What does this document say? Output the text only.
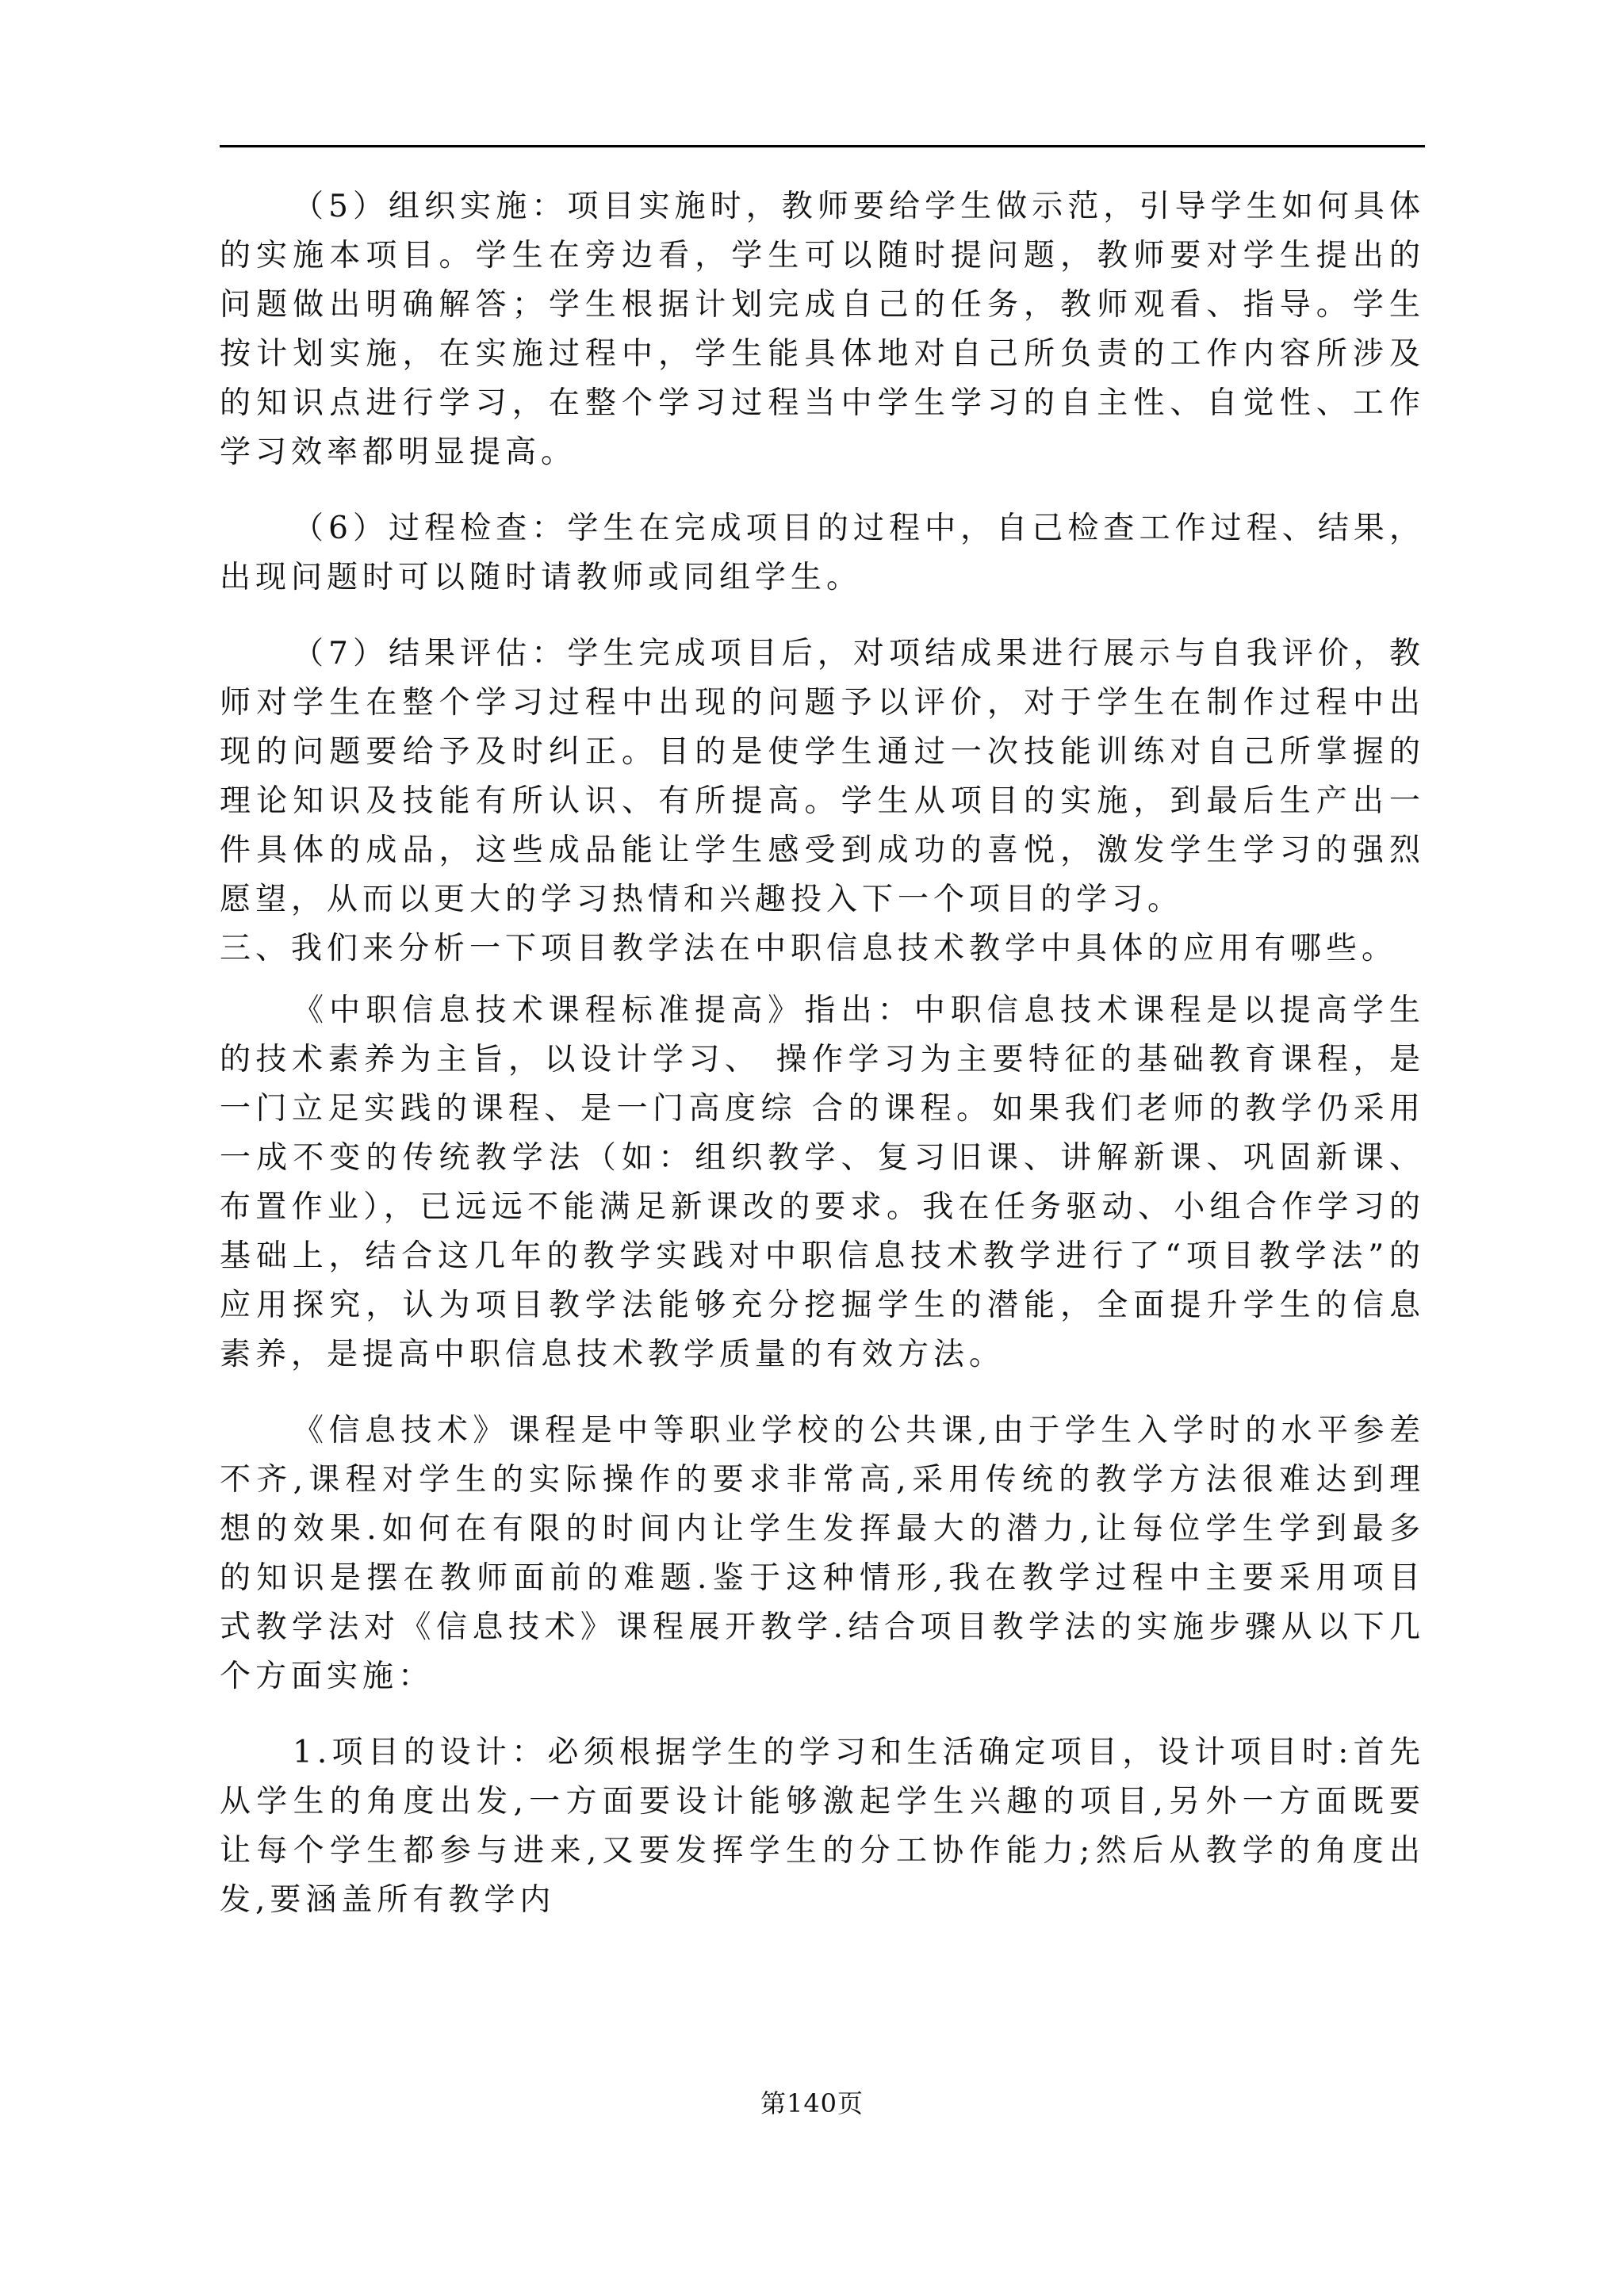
（5）组织实施：项目实施时，教师要给学生做示范，引导学生如何具体的实施本项目。学生在旁边看，学生可以随时提问题，教师要对学生提出的问题做出明确解答；学生根据计划完成自己的任务，教师观看、指导。学生按计划实施，在实施过程中，学生能具体地对自己所负责的工作内容所涉及的知识点进行学习，在整个学习过程当中学生学习的自主性、自觉性、工作学习效率都明显提高。

（6）过程检查：学生在完成项目的过程中，自己检查工作过程、结果，出现问题时可以随时请教师或同组学生。

（7）结果评估：学生完成项目后，对项结成果进行展示与自我评价，教师对学生在整个学习过程中出现的问题予以评价，对于学生在制作过程中出现的问题要给予及时纠正。目的是使学生通过一次技能训练对自己所掌握的理论知识及技能有所认识、有所提高。学生从项目的实施，到最后生产出一件具体的成品，这些成品能让学生感受到成功的喜悦，激发学生学习的强烈愿望，从而以更大的学习热情和兴趣投入下一个项目的学习。

三、我们来分析一下项目教学法在中职信息技术教学中具体的应用有哪些。

《中职信息技术课程标准提高》指出：中职信息技术课程是以提高学生的技术素养为主旨，以设计学习、 操作学习为主要特征的基础教育课程，是一门立足实践的课程、是一门高度综 合的课程。如果我们老师的教学仍采用一成不变的传统教学法（如：组织教学、复习旧课、讲解新课、巩固新课、布置作业），已远远不能满足新课改的要求。我在任务驱动、小组合作学习的基础上，结合这几年的教学实践对中职信息技术教学进行了“项目教学法”的应用探究，认为项目教学法能够充分挖掘学生的潜能，全面提升学生的信息素养，是提高中职信息技术教学质量的有效方法。

《信息技术》课程是中等职业学校的公共课,由于学生入学时的水平参差不齐,课程对学生的实际操作的要求非常高,采用传统的教学方法很难达到理想的效果.如何在有限的时间内让学生发挥最大的潜力,让每位学生学到最多的知识是摆在教师面前的难题.鉴于这种情形,我在教学过程中主要采用项目式教学法对《信息技术》课程展开教学.结合项目教学法的实施步骤从以下几个方面实施：

1.项目的设计：必须根据学生的学习和生活确定项目，设计项目时:首先从学生的角度出发,一方面要设计能够激起学生兴趣的项目,另外一方面既要让每个学生都参与进来,又要发挥学生的分工协作能力;然后从教学的角度出发,要涵盖所有教学内

第140页
